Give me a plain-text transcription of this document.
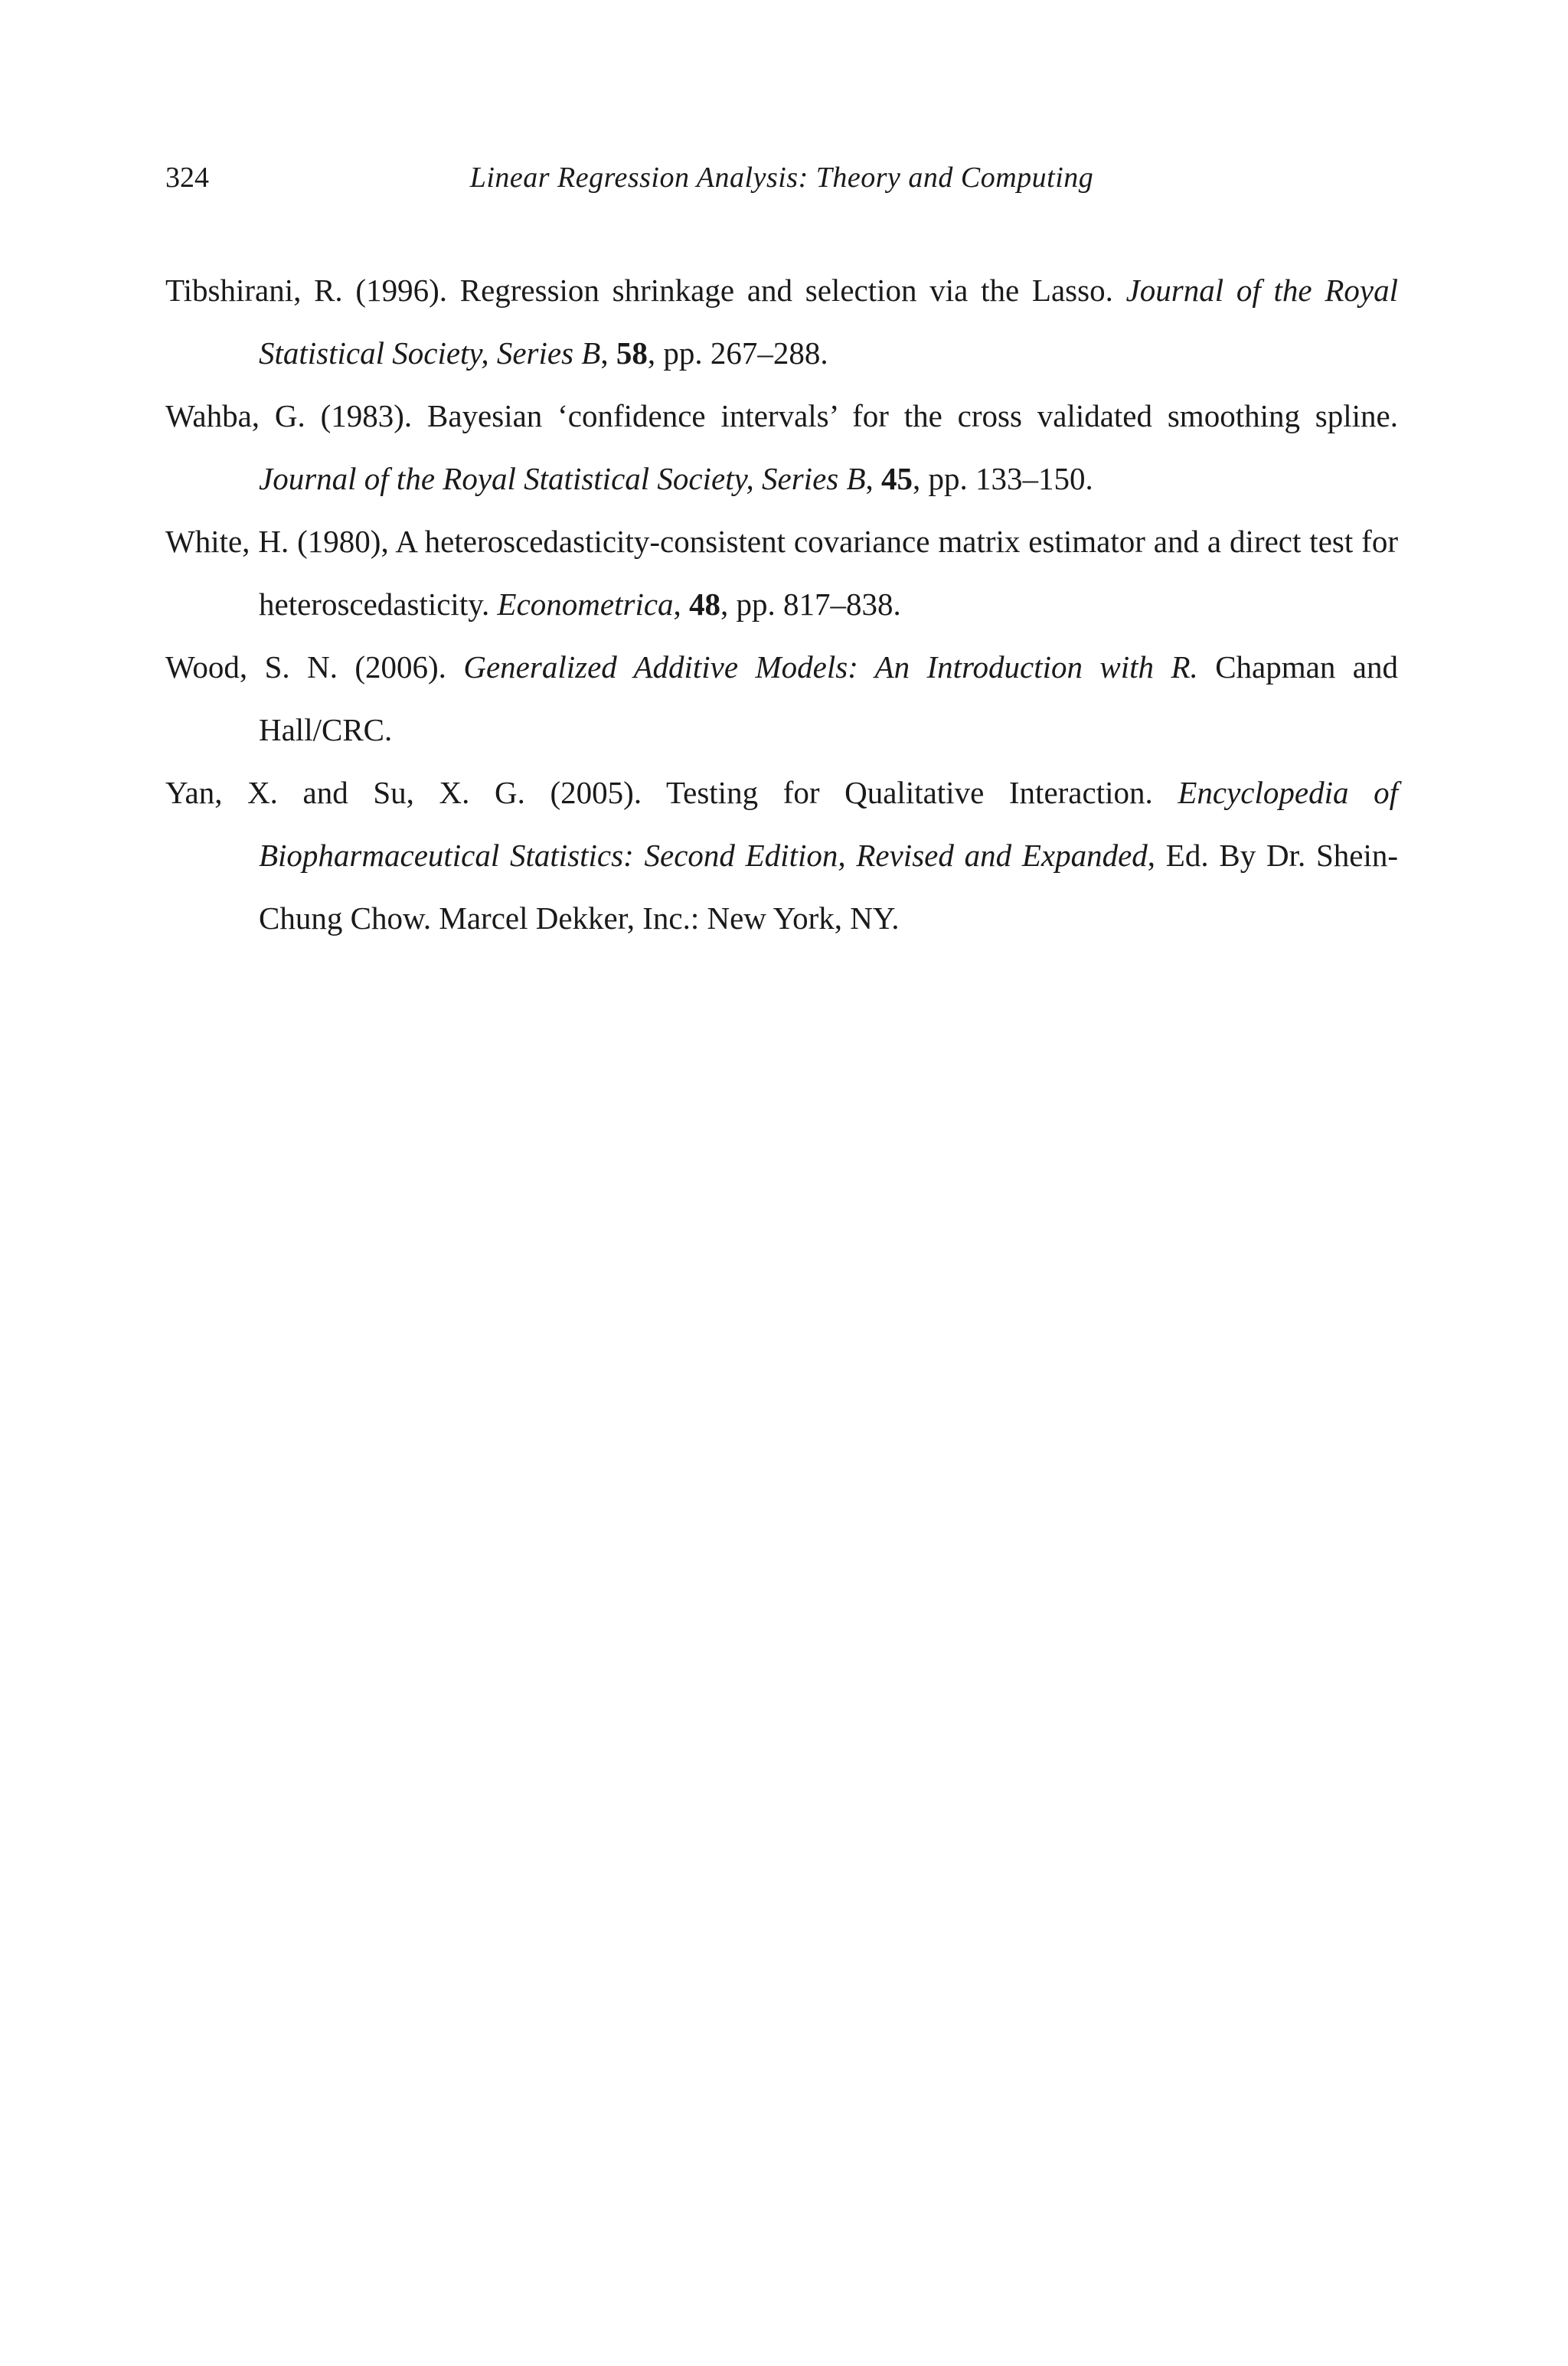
324	Linear Regression Analysis: Theory and Computing
Tibshirani, R. (1996). Regression shrinkage and selection via the Lasso. Journal of the Royal Statistical Society, Series B, 58, pp. 267–288.
Wahba, G. (1983). Bayesian ‘confidence intervals’ for the cross validated smoothing spline. Journal of the Royal Statistical Society, Series B, 45, pp. 133–150.
White, H. (1980), A heteroscedasticity-consistent covariance matrix estimator and a direct test for heteroscedasticity. Econometrica, 48, pp. 817–838.
Wood, S. N. (2006). Generalized Additive Models: An Introduction with R. Chapman and Hall/CRC.
Yan, X. and Su, X. G. (2005). Testing for Qualitative Interaction. Encyclopedia of Biopharmaceutical Statistics: Second Edition, Revised and Expanded, Ed. By Dr. Shein-Chung Chow. Marcel Dekker, Inc.: New York, NY.
